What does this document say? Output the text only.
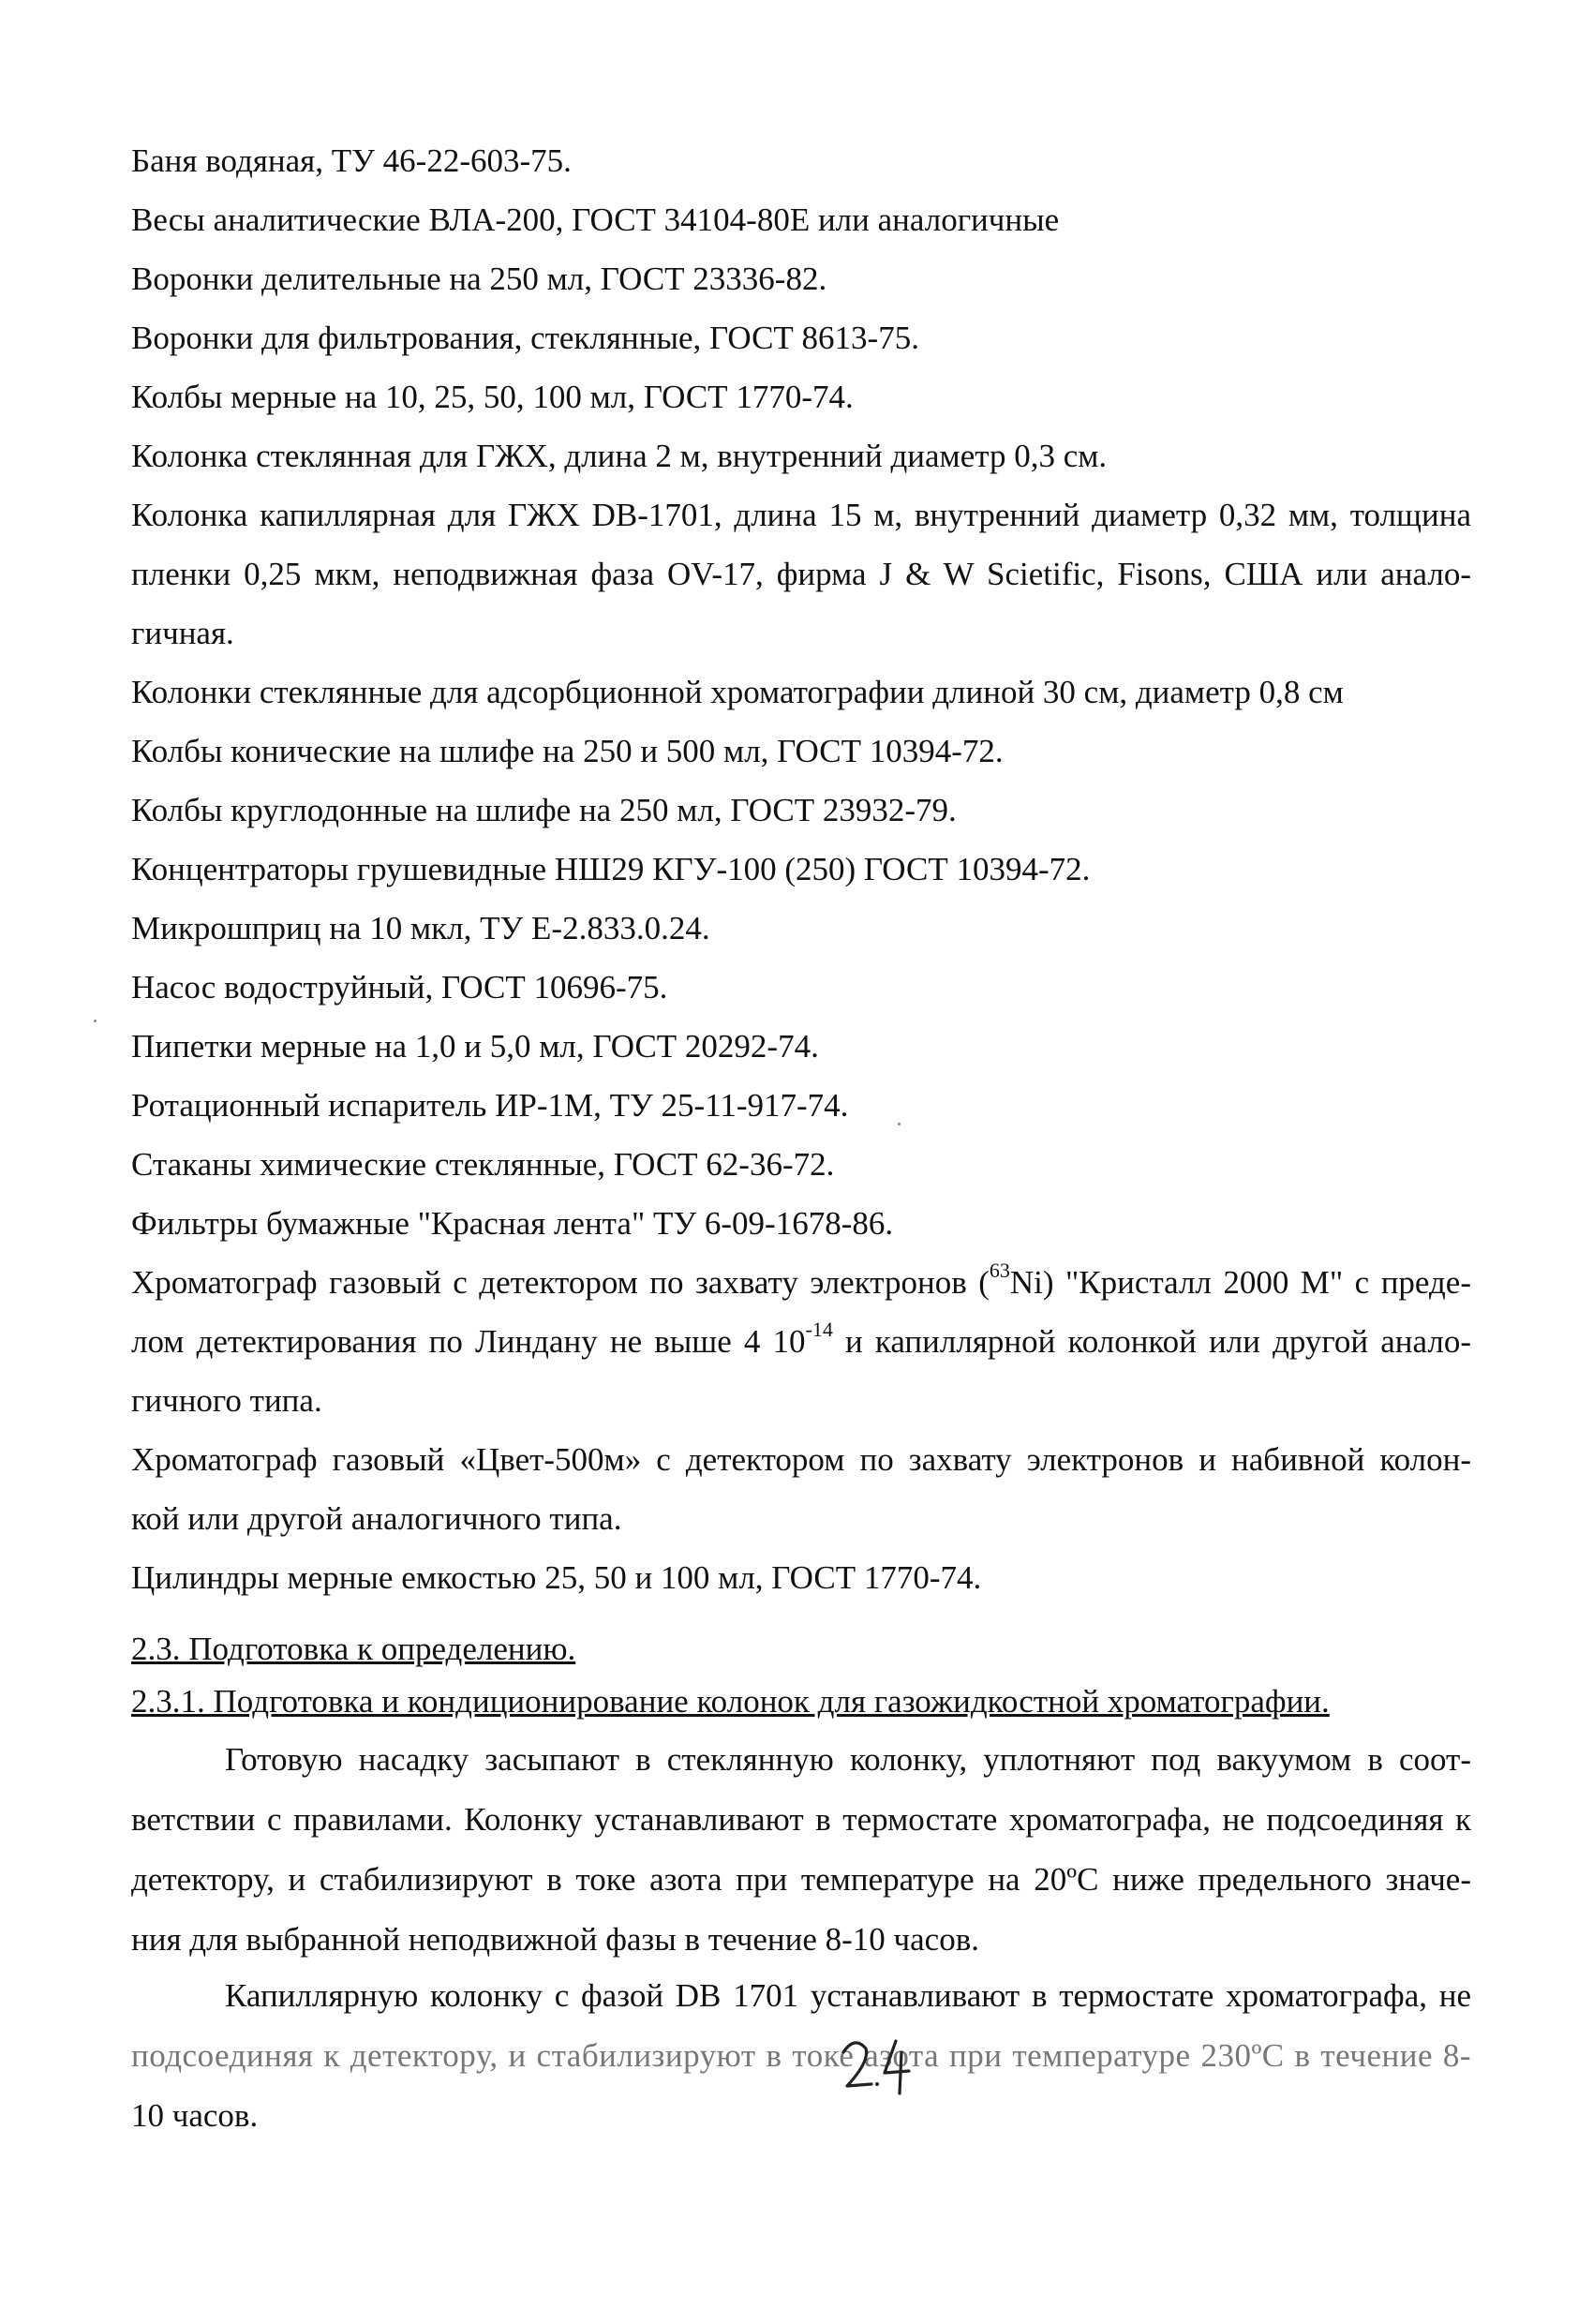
Баня водяная, ТУ 46-22-603-75.
Весы аналитические ВЛА-200, ГОСТ 34104-80Е или аналогичные
Воронки делительные на 250 мл, ГОСТ 23336-82.
Воронки для фильтрования, стеклянные, ГОСТ 8613-75.
Колбы мерные на 10, 25, 50, 100 мл, ГОСТ 1770-74.
Колонка стеклянная для ГЖХ, длина 2 м, внутренний диаметр 0,3 см.
Колонка капиллярная для ГЖХ DB-1701, длина 15 м, внутренний диаметр 0,32 мм, толщина
пленки 0,25 мкм, неподвижная фаза OV-17, фирма J & W Scietific, Fisons, США или анало-
гичная.
Колонки стеклянные для адсорбционной хроматографии длиной 30 см, диаметр 0,8 см
Колбы конические на шлифе на 250 и 500 мл, ГОСТ 10394-72.
Колбы круглодонные на шлифе на 250 мл, ГОСТ 23932-79.
Концентраторы грушевидные НШ29 КГУ-100 (250) ГОСТ 10394-72.
Микрошприц на 10 мкл, ТУ Е-2.833.0.24.
Насос водоструйный, ГОСТ 10696-75.
Пипетки мерные на 1,0 и 5,0 мл, ГОСТ 20292-74.
Ротационный испаритель ИР-1М, ТУ 25-11-917-74.
Стаканы химические стеклянные, ГОСТ 62-36-72.
Фильтры бумажные "Красная лента" ТУ 6-09-1678-86.
Хроматограф газовый с детектором по захвату электронов ($^{63}$Ni) "Кристалл 2000 М" с преде-
лом детектирования по Линдану не выше 4 $10^{-14}$ и капиллярной колонкой или другой анало-
гичного типа.
Хроматограф газовый «Цвет-500м» с детектором по захвату электронов и набивной колон-
кой или другой аналогичного типа.
Цилиндры мерные емкостью 25, 50 и 100 мл, ГОСТ 1770-74.
2.3. Подготовка к определению.
2.3.1. Подготовка и кондиционирование колонок для газожидкостной хроматографии.
Готовую насадку засыпают в стеклянную колонку, уплотняют под вакуумом в соот-
ветствии с правилами. Колонку устанавливают в термостате хроматографа, не подсоединяя к
детектору, и стабилизируют в токе азота при температуре на 20ºС ниже предельного значе-
ния для выбранной неподвижной фазы в течение 8-10 часов.
Капиллярную колонку с фазой DB 1701 устанавливают в термостате хроматографа, не
подсоединяя к детектору, и стабилизируют в токе азота при температуре 230ºС в течение 8-
10 часов.
